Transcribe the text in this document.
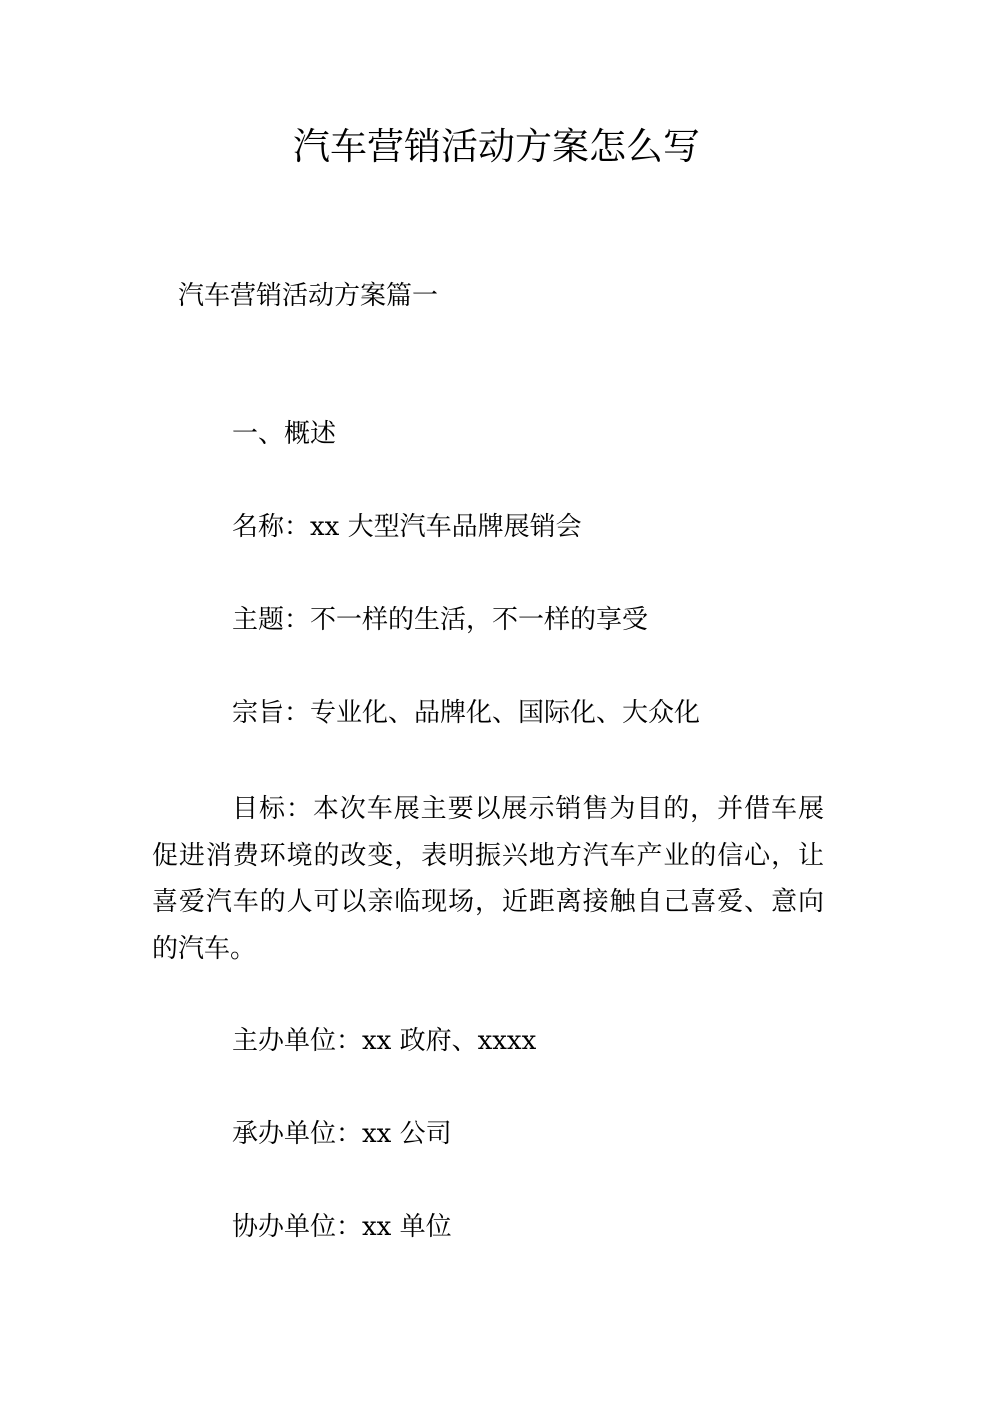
汽车营销活动方案怎么写
汽车营销活动方案篇一
一、概述
名称：xx 大型汽车品牌展销会
主题：不一样的生活，不一样的享受
宗旨：专业化、品牌化、国际化、大众化
目标：本次车展主要以展示销售为目的，并借车展促进消费环境的改变，表明振兴地方汽车产业的信心，让喜爱汽车的人可以亲临现场，近距离接触自己喜爱、意向的汽车。
主办单位：xx 政府、xxxx
承办单位：xx 公司
协办单位：xx 单位
